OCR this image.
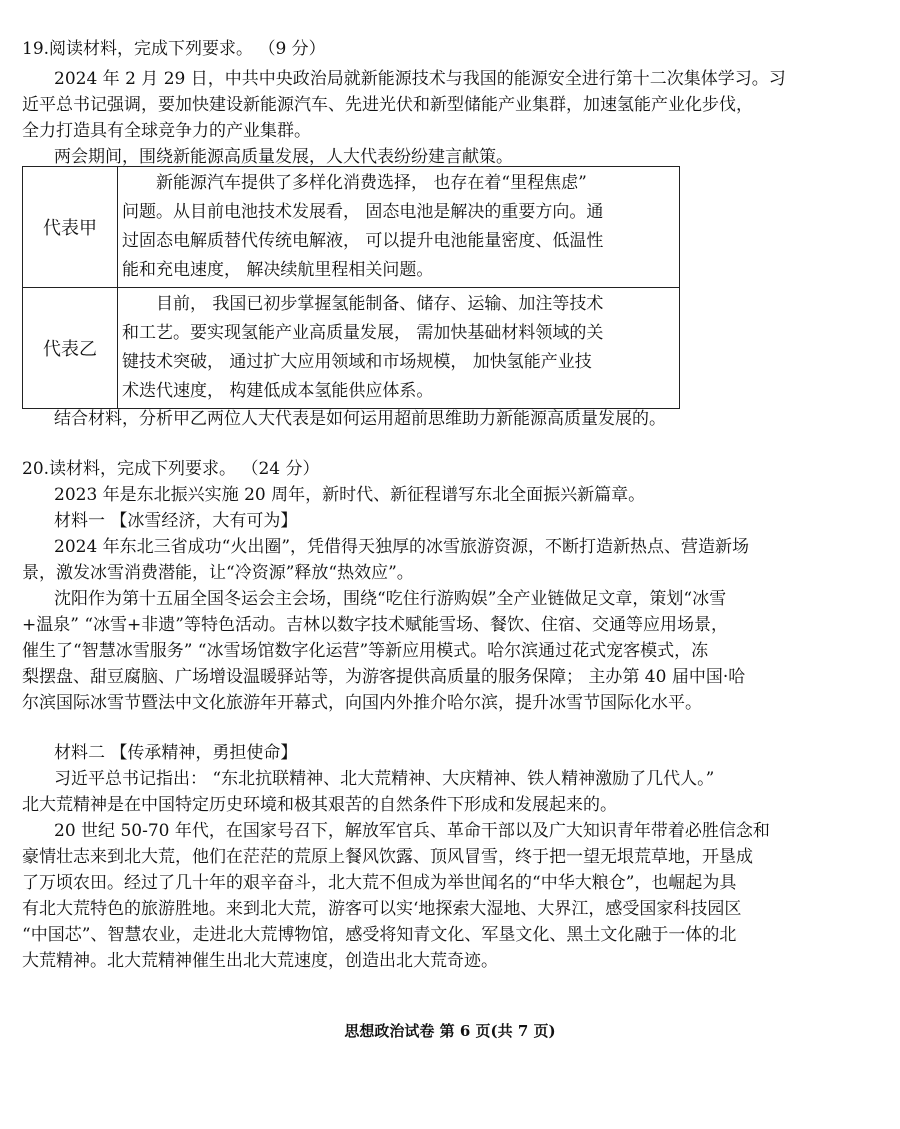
19.阅读材料，完成下列要求。 （9 分）
2024 年 2 月 29 日，中共中央政治局就新能源技术与我国的能源安全进行第十二次集体学习。习
近平总书记强调，要加快建设新能源汽车、先进光伏和新型储能产业集群，加速氢能产业化步伐，
全力打造具有全球竞争力的产业集群。
两会期间，围绕新能源高质量发展，人大代表纷纷建言献策。
代表甲	新能源汽车提供了多样化消费选择， 也存在着“里程焦虑”
问题。从目前电池技术发展看， 固态电池是解决的重要方向。通
过固态电解质替代传统电解液， 可以提升电池能量密度、低温性
能和充电速度， 解决续航里程相关问题。

代表乙	目前， 我国已初步掌握氢能制备、储存、运输、加注等技术
和工艺。要实现氢能产业高质量发展， 需加快基础材料领域的关
键技术突破， 通过扩大应用领域和市场规模， 加快氢能产业技
术迭代速度， 构建低成本氢能供应体系。
结合材料，分析甲乙两位人大代表是如何运用超前思维助力新能源高质量发展的。
20.读材料，完成下列要求。 （24 分）
2023 年是东北振兴实施 20 周年，新时代、新征程谱写东北全面振兴新篇章。
材料一 【冰雪经济，大有可为】
2024 年东北三省成功“火出圈”，凭借得天独厚的冰雪旅游资源，不断打造新热点、营造新场
景，激发冰雪消费潜能，让“冷资源”释放“热效应”。
沈阳作为第十五届全国冬运会主会场，围绕“吃住行游购娱”全产业链做足文章，策划“冰雪
+温泉” “冰雪+非遗”等特色活动。吉林以数字技术赋能雪场、餐饮、住宿、交通等应用场景，
催生了“智慧冰雪服务” “冰雪场馆数字化运营”等新应用模式。哈尔滨通过花式宠客模式，冻
梨摆盘、甜豆腐脑、广场增设温暖驿站等，为游客提供高质量的服务保障； 主办第 40 届中国·哈
尔滨国际冰雪节暨法中文化旅游年开幕式，向国内外推介哈尔滨，提升冰雪节国际化水平。
材料二 【传承精神，勇担使命】
习近平总书记指出： “东北抗联精神、北大荒精神、大庆精神、铁人精神激励了几代人。”
北大荒精神是在中国特定历史环境和极其艰苦的自然条件下形成和发展起来的。
20 世纪 50-70 年代，在国家号召下，解放军官兵、革命干部以及广大知识青年带着必胜信念和
豪情壮志来到北大荒，他们在茫茫的荒原上餐风饮露、顶风冒雪，终于把一望无垠荒草地，开垦成
了万顷农田。经过了几十年的艰辛奋斗，北大荒不但成为举世闻名的“中华大粮仓”，也崛起为具
有北大荒特色的旅游胜地。来到北大荒，游客可以实‘地探索大湿地、大界江，感受国家科技园区
“中国芯”、智慧农业，走进北大荒博物馆，感受将知青文化、军垦文化、黑土文化融于一体的北
大荒精神。北大荒精神催生出北大荒速度，创造出北大荒奇迹。
思想政治试卷 第 6 页(共 7 页)
